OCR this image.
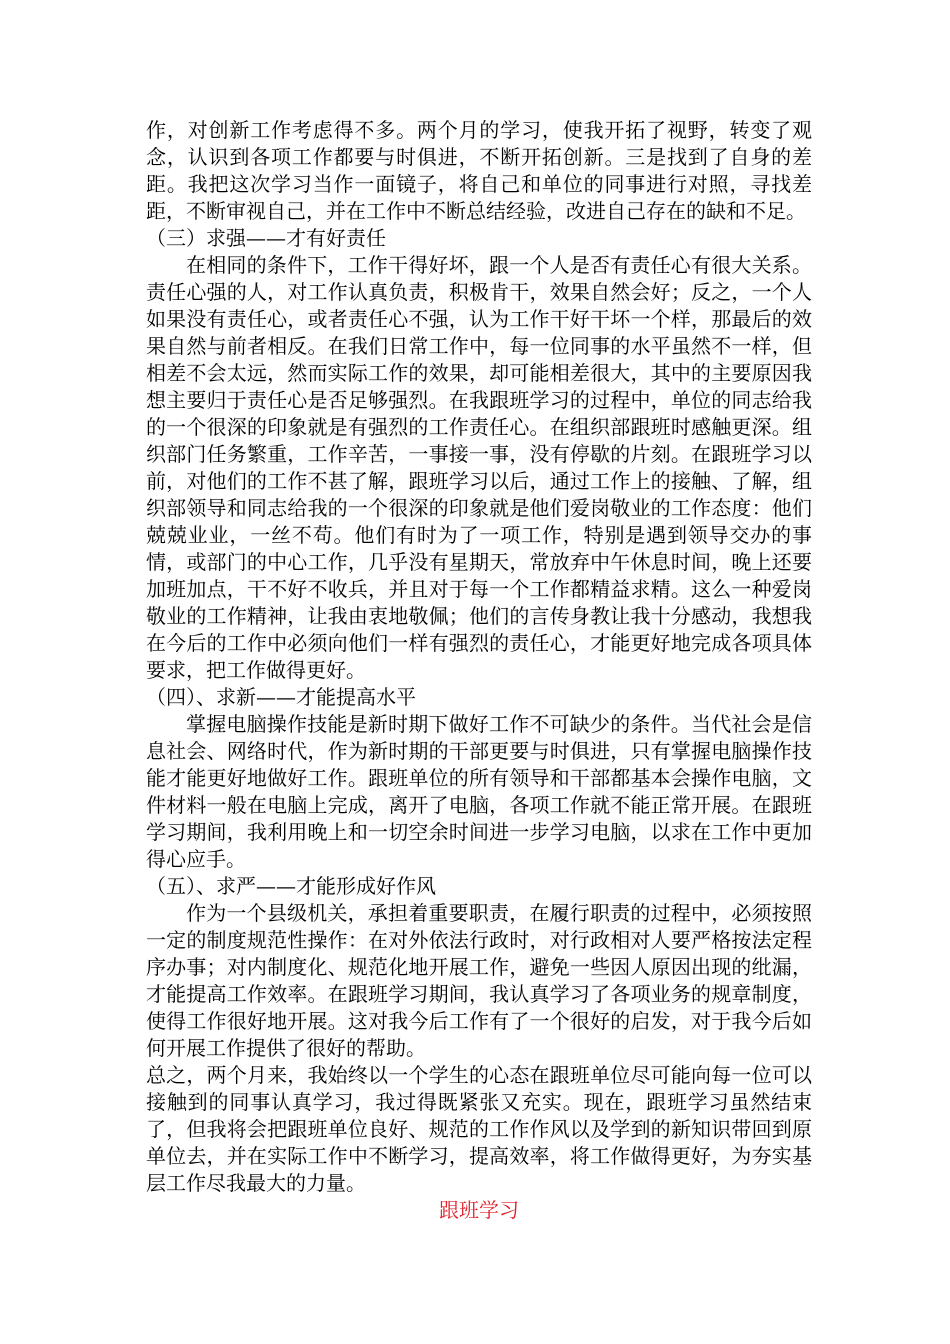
作，对创新工作考虑得不多。两个月的学习，使我开拓了视野，转变了观念，认识到各项工作都要与时俱进，不断开拓创新。三是找到了自身的差距。我把这次学习当作一面镜子，将自己和单位的同事进行对照，寻找差距，不断审视自己，并在工作中不断总结经验，改进自己存在的缺和不足。

（三）求强——才有好责任

在相同的条件下，工作干得好坏，跟一个人是否有责任心有很大关系。责任心强的人，对工作认真负责，积极肯干，效果自然会好；反之，一个人如果没有责任心，或者责任心不强，认为工作干好干坏一个样，那最后的效果自然与前者相反。在我们日常工作中，每一位同事的水平虽然不一样，但相差不会太远，然而实际工作的效果，却可能相差很大，其中的主要原因我想主要归于责任心是否足够强烈。在我跟班学习的过程中，单位的同志给我的一个很深的印象就是有强烈的工作责任心。在组织部跟班时感触更深。组织部门任务繁重，工作辛苦，一事接一事，没有停歇的片刻。在跟班学习以前，对他们的工作不甚了解，跟班学习以后，通过工作上的接触、了解，组织部领导和同志给我的一个很深的印象就是他们爱岗敬业的工作态度：他们兢兢业业，一丝不苟。他们有时为了一项工作，特别是遇到领导交办的事情，或部门的中心工作，几乎没有星期天，常放弃中午休息时间，晚上还要加班加点，干不好不收兵，并且对于每一个工作都精益求精。这么一种爱岗敬业的工作精神，让我由衷地敬佩；他们的言传身教让我十分感动，我想我在今后的工作中必须向他们一样有强烈的责任心，才能更好地完成各项具体要求，把工作做得更好。

（四）、求新——才能提高水平

掌握电脑操作技能是新时期下做好工作不可缺少的条件。当代社会是信息社会、网络时代，作为新时期的干部更要与时俱进，只有掌握电脑操作技能才能更好地做好工作。跟班单位的所有领导和干部都基本会操作电脑，文件材料一般在电脑上完成，离开了电脑，各项工作就不能正常开展。在跟班学习期间，我利用晚上和一切空余时间进一步学习电脑，以求在工作中更加得心应手。

（五）、求严——才能形成好作风

作为一个县级机关，承担着重要职责，在履行职责的过程中，必须按照一定的制度规范性操作：在对外依法行政时，对行政相对人要严格按法定程序办事；对内制度化、规范化地开展工作，避免一些因人原因出现的纰漏，才能提高工作效率。在跟班学习期间，我认真学习了各项业务的规章制度，使得工作很好地开展。这对我今后工作有了一个很好的启发，对于我今后如何开展工作提供了很好的帮助。

总之，两个月来，我始终以一个学生的心态在跟班单位尽可能向每一位可以接触到的同事认真学习，我过得既紧张又充实。现在，跟班学习虽然结束了，但我将会把跟班单位良好、规范的工作作风以及学到的新知识带回到原单位去，并在实际工作中不断学习，提高效率，将工作做得更好，为夯实基层工作尽我最大的力量。

跟班学习
